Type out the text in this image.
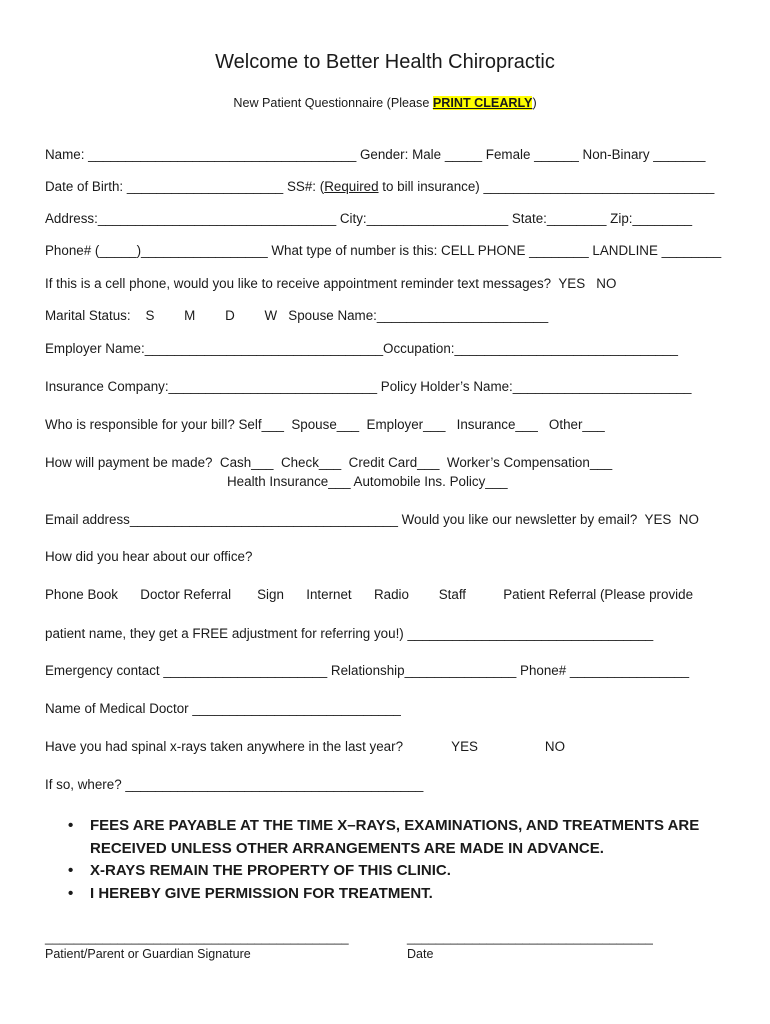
Welcome to Better Health Chiropractic
New Patient Questionnaire (Please PRINT CLEARLY)
Name: ____________________________________ Gender: Male _____ Female ______ Non-Binary _______
Date of Birth: _____________________ SS#: (Required to bill insurance) _______________________________
Address:________________________________ City:___________________ State:________ Zip:________
Phone# (_____)_________________ What type of number is this: CELL PHONE ________ LANDLINE ________
If this is a cell phone, would you like to receive appointment reminder text messages?  YES   NO
Marital Status:    S        M        D        W   Spouse Name:_______________________
Employer Name:________________________________Occupation:______________________________
Insurance Company:____________________________ Policy Holder’s Name:________________________
Who is responsible for your bill? Self___  Spouse___  Employer___   Insurance___   Other___
How will payment be made?  Cash___  Check___  Credit Card___  Worker’s Compensation___
Health Insurance___ Automobile Ins. Policy___
Email address____________________________________ Would you like our newsletter by email?  YES  NO
How did you hear about our office?
Phone Book      Doctor Referral       Sign      Internet      Radio        Staff          Patient Referral (Please provide
patient name, they get a FREE adjustment for referring you!) _________________________________
Emergency contact ______________________ Relationship_______________ Phone# ________________
Name of Medical Doctor ____________________________
Have you had spinal x-rays taken anywhere in the last year?             YES                  NO
If so, where? ________________________________________
• FEES ARE PAYABLE AT THE TIME X–RAYS, EXAMINATIONS, AND TREATMENTS ARE RECEIVED UNLESS OTHER ARRANGEMENTS ARE MADE IN ADVANCE.
• X-RAYS REMAIN THE PROPERTY OF THIS CLINIC.
• I HEREBY GIVE PERMISSION FOR TREATMENT.
__________________________________________
Patient/Parent or Guardian Signature
__________________________________
Date
